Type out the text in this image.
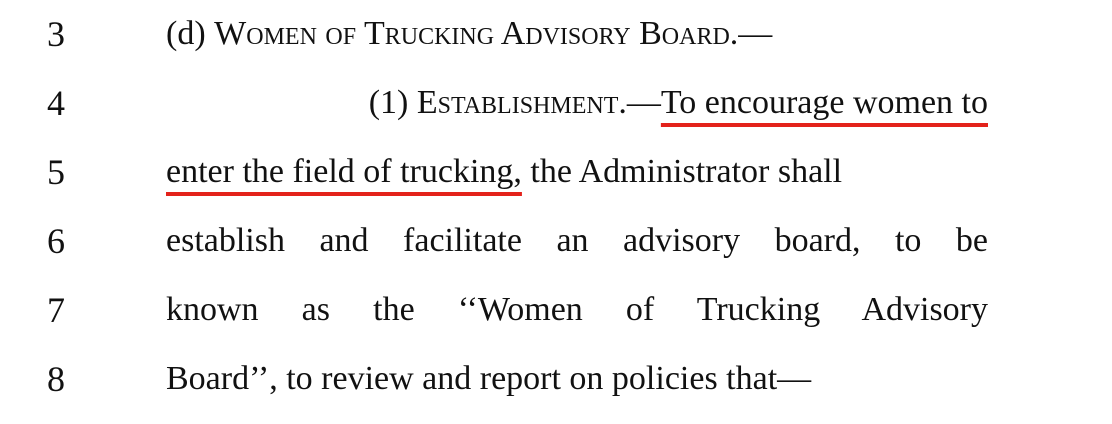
3	(d) Women of Trucking Advisory Board.—
4	(1) Establishment.—To encourage women to
5	enter the field of trucking, the Administrator shall
6	establish and facilitate an advisory board, to be
7	known as the ‘‘Women of Trucking Advisory
8	Board’’, to review and report on policies that—
